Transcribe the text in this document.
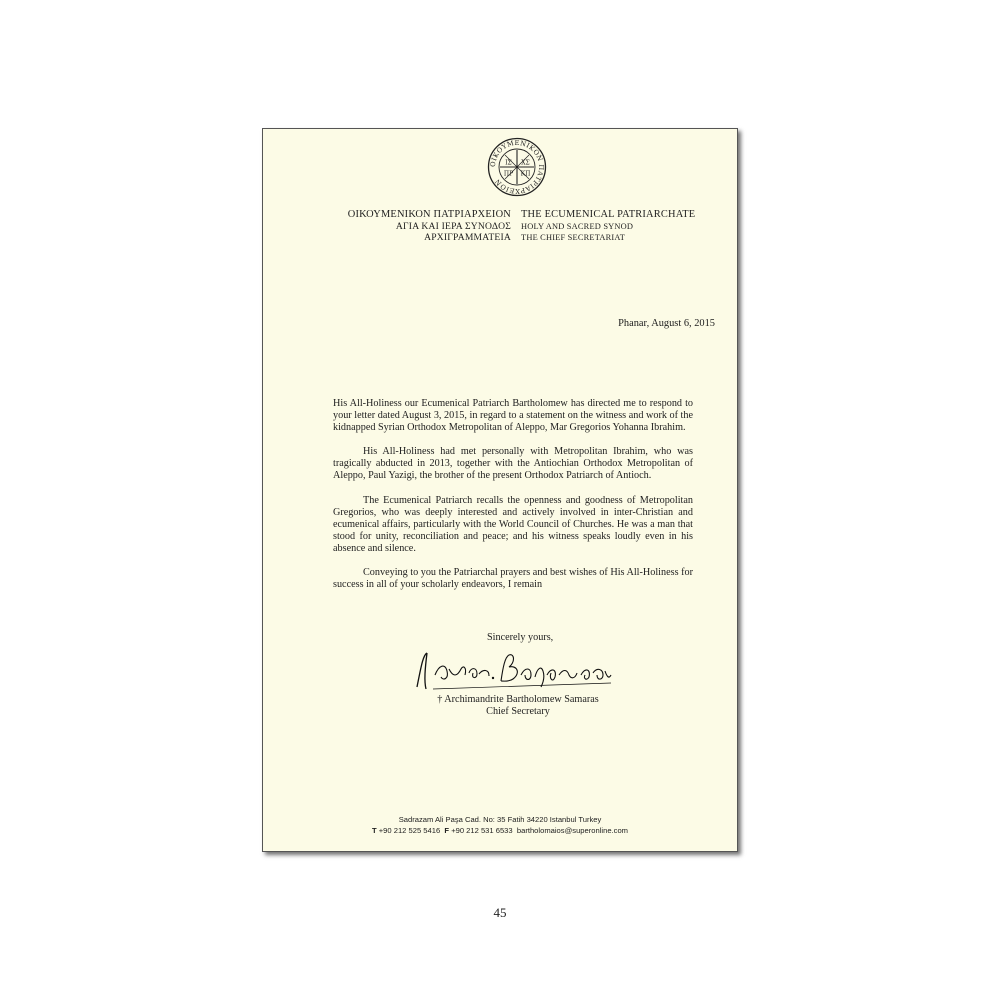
ΟΙΚΟΥΜΕΝΙΚΟΝ ΠΑΤΡΙΑΡΧΕΙΟΝ
ΙΣ ΧΣ
ΠΡ ΚΠ
ΟΙΚΟΥΜΕΝΙΚΟΝ ΠΑΤΡΙΑΡΧΕΙΟΝ
ΑΓΙΑ ΚΑΙ ΙΕΡΑ ΣΥΝΟΔΟΣ
ΑΡΧΙΓΡΑΜΜΑΤΕΙΑ
THE ECUMENICAL PATRIARCHATE
HOLY AND SACRED SYNOD
THE CHIEF SECRETARIAT
Phanar, August 6, 2015

His All-Holiness our Ecumenical Patriarch Bartholomew has directed me to respond to your letter dated August 3, 2015, in regard to a statement on the witness and work of the kidnapped Syrian Orthodox Metropolitan of Aleppo, Mar Gregorios Yohanna Ibrahim.

His All-Holiness had met personally with Metropolitan Ibrahim, who was tragically abducted in 2013, together with the Antiochian Orthodox Metropolitan of Aleppo, Paul Yazigi, the brother of the present Orthodox Patriarch of Antioch.

The Ecumenical Patriarch recalls the openness and goodness of Metropolitan Gregorios, who was deeply interested and actively involved in inter-Christian and ecumenical affairs, particularly with the World Council of Churches. He was a man that stood for unity, reconciliation and peace; and his witness speaks loudly even in his absence and silence.

Conveying to you the Patriarchal prayers and best wishes of His All-Holiness for success in all of your scholarly endeavors, I remain

Sincerely yours,
† Archimandrite Bartholomew Samaras
Chief Secretary
Sadrazam Ali Paşa Cad. No: 35 Fatih 34220 Istanbul Turkey
T +90 212 525 5416 F +90 212 531 6533 bartholomaios@superonline.com
45
